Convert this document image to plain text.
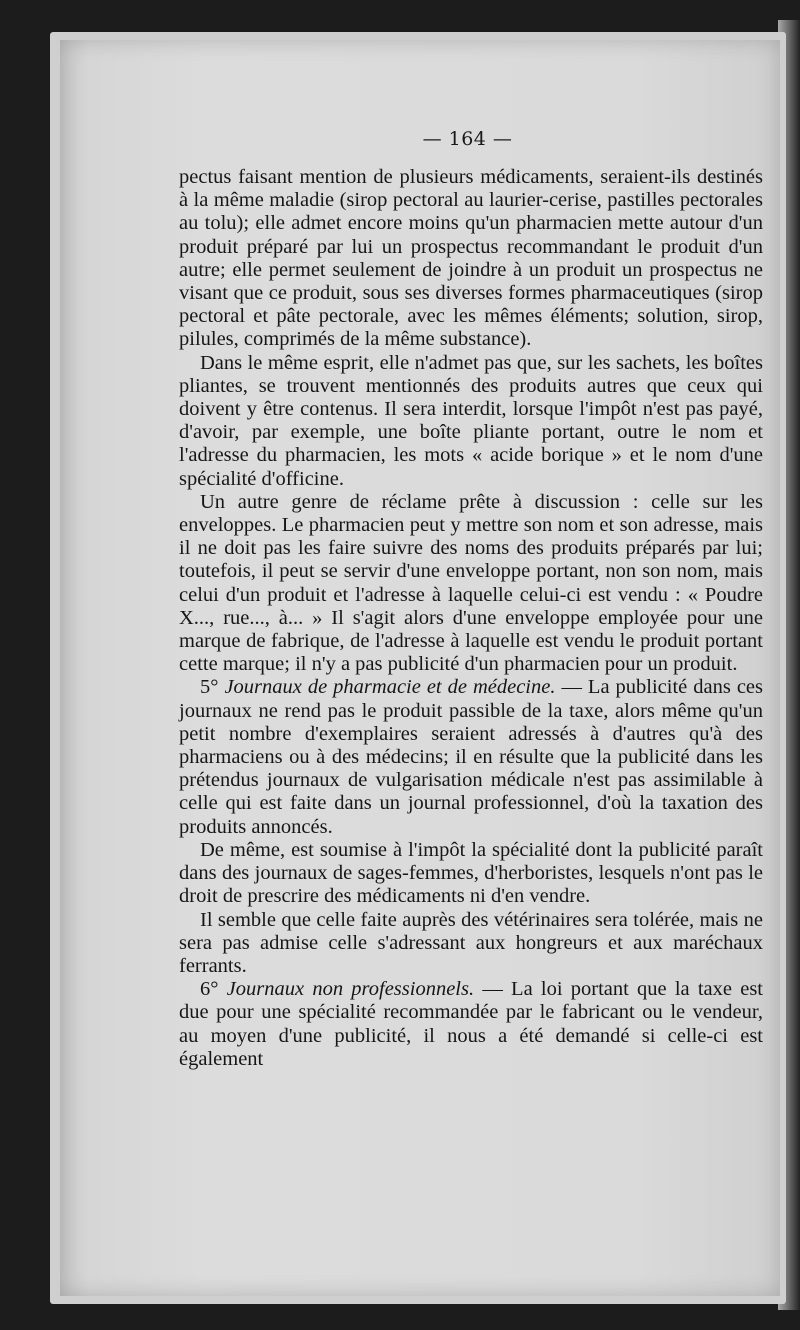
— 164 —

pectus faisant mention de plusieurs médicaments, seraient-ils destinés à la même maladie (sirop pectoral au laurier-cerise, pastilles pectorales au tolu); elle admet encore moins qu'un pharmacien mette autour d'un produit préparé par lui un prospectus recommandant le produit d'un autre; elle permet seulement de joindre à un produit un prospectus ne visant que ce produit, sous ses diverses formes pharmaceutiques (sirop pectoral et pâte pectorale, avec les mêmes éléments; solution, sirop, pilules, comprimés de la même substance).

Dans le même esprit, elle n'admet pas que, sur les sachets, les boîtes pliantes, se trouvent mentionnés des produits autres que ceux qui doivent y être contenus. Il sera interdit, lorsque l'impôt n'est pas payé, d'avoir, par exemple, une boîte pliante portant, outre le nom et l'adresse du pharmacien, les mots « acide borique » et le nom d'une spécialité d'officine.

Un autre genre de réclame prête à discussion : celle sur les enveloppes. Le pharmacien peut y mettre son nom et son adresse, mais il ne doit pas les faire suivre des noms des produits préparés par lui; toutefois, il peut se servir d'une enveloppe portant, non son nom, mais celui d'un produit et l'adresse à laquelle celui-ci est vendu : « Poudre X..., rue..., à... » Il s'agit alors d'une enveloppe employée pour une marque de fabrique, de l'adresse à laquelle est vendu le produit portant cette marque; il n'y a pas publicité d'un pharmacien pour un produit.

5° Journaux de pharmacie et de médecine. — La publicité dans ces journaux ne rend pas le produit passible de la taxe, alors même qu'un petit nombre d'exemplaires seraient adressés à d'autres qu'à des pharmaciens ou à des médecins; il en résulte que la publicité dans les prétendus journaux de vulgarisation médicale n'est pas assimilable à celle qui est faite dans un journal professionnel, d'où la taxation des produits annoncés.

De même, est soumise à l'impôt la spécialité dont la publicité paraît dans des journaux de sages-femmes, d'herboristes, lesquels n'ont pas le droit de prescrire des médicaments ni d'en vendre.

Il semble que celle faite auprès des vétérinaires sera tolérée, mais ne sera pas admise celle s'adressant aux hongreurs et aux maréchaux ferrants.

6° Journaux non professionnels. — La loi portant que la taxe est due pour une spécialité recommandée par le fabricant ou le vendeur, au moyen d'une publicité, il nous a été demandé si celle-ci est également
